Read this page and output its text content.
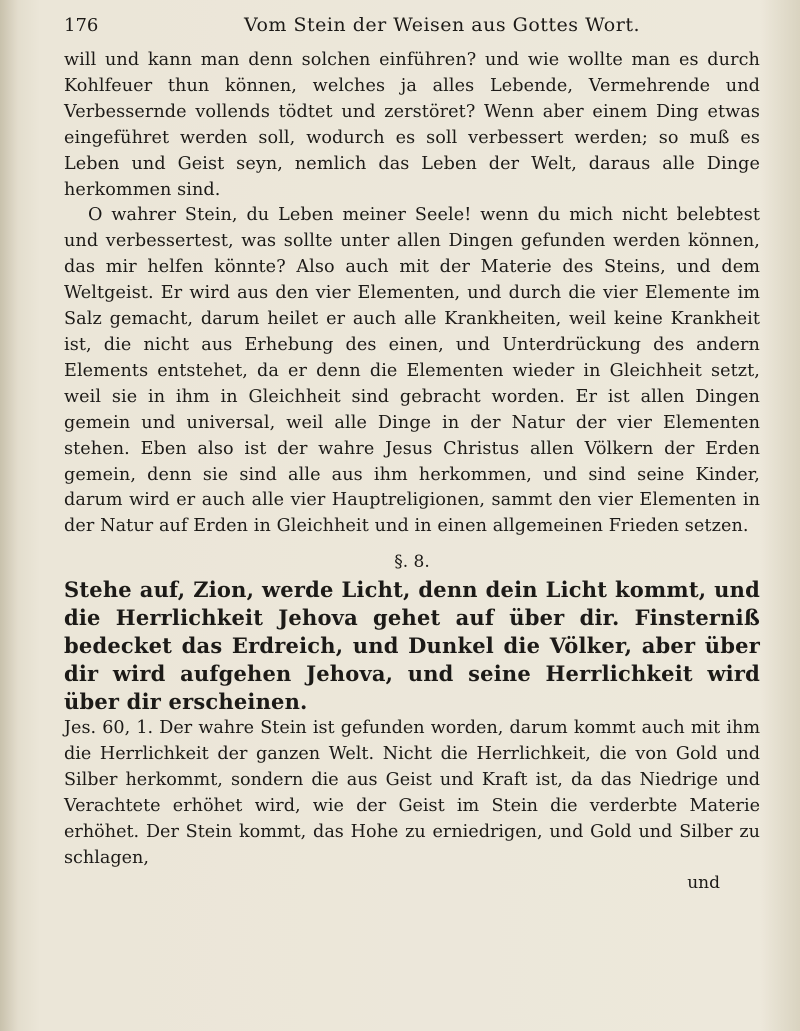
176	Vom Stein der Weisen aus Gottes Wort.

will und kann man denn solchen einführen? und wie wollte man es durch Kohlfeuer thun können, welches ja alles Lebende, Vermehrende und Verbessernde vollends tödtet und zerstöret? Wenn aber einem Ding etwas eingeführet werden soll, wodurch es soll verbessert werden; so muß es Leben und Geist seyn, nemlich das Leben der Welt, daraus alle Dinge herkommen sind.

O wahrer Stein, du Leben meiner Seele! wenn du mich nicht belebtest und verbessertest, was sollte unter allen Dingen gefunden werden können, das mir helfen könnte? Also auch mit der Materie des Steins, und dem Weltgeist. Er wird aus den vier Elementen, und durch die vier Elemente im Salz gemacht, darum heilet er auch alle Krankheiten, weil keine Krankheit ist, die nicht aus Erhebung des einen, und Unterdrückung des andern Elements entstehet, da er denn die Elementen wieder in Gleichheit setzt, weil sie in ihm in Gleichheit sind gebracht worden. Er ist allen Dingen gemein und universal, weil alle Dinge in der Natur der vier Elementen stehen. Eben also ist der wahre Jesus Christus allen Völkern der Erden gemein, denn sie sind alle aus ihm herkommen, und sind seine Kinder, darum wird er auch alle vier Hauptreligionen, sammt den vier Elementen in der Natur auf Erden in Gleichheit und in einen allgemeinen Frieden setzen.

§. 8.

Stehe auf, Zion, werde Licht, denn dein Licht kommt, und die Herrlichkeit Jehova gehet auf über dir. Finsterniß bedecket das Erdreich, und Dunkel die Völker, aber über dir wird aufgehen Jehova, und seine Herrlichkeit wird über dir erscheinen.

Jes. 60, 1. Der wahre Stein ist gefunden worden, darum kommt auch mit ihm die Herrlichkeit der ganzen Welt. Nicht die Herrlichkeit, die von Gold und Silber herkommt, sondern die aus Geist und Kraft ist, da das Niedrige und Verachtete erhöhet wird, wie der Geist im Stein die verderbte Materie erhöhet. Der Stein kommt, das Hohe zu erniedrigen, und Gold und Silber zu schlagen,

und
